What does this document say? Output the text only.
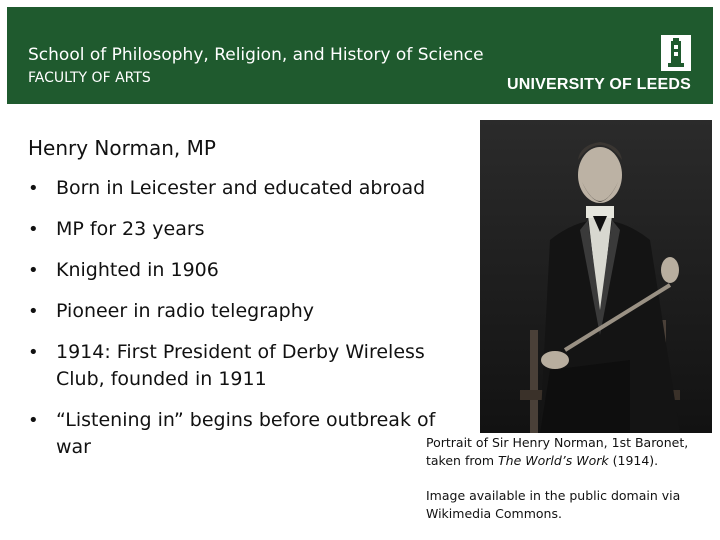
School of Philosophy, Religion, and History of Science
FACULTY OF ARTS	UNIVERSITY OF LEEDS
Henry Norman, MP
• Born in Leicester and educated abroad
• MP for 23 years
• Knighted in 1906
• Pioneer in radio telegraphy
• 1914: First President of Derby Wireless Club, founded in 1911
• “Listening in” begins before outbreak of war	Portrait of Sir Henry Norman, 1st Baronet, taken from The World’s Work (1914).

Image available in the public domain via Wikimedia Commons.
